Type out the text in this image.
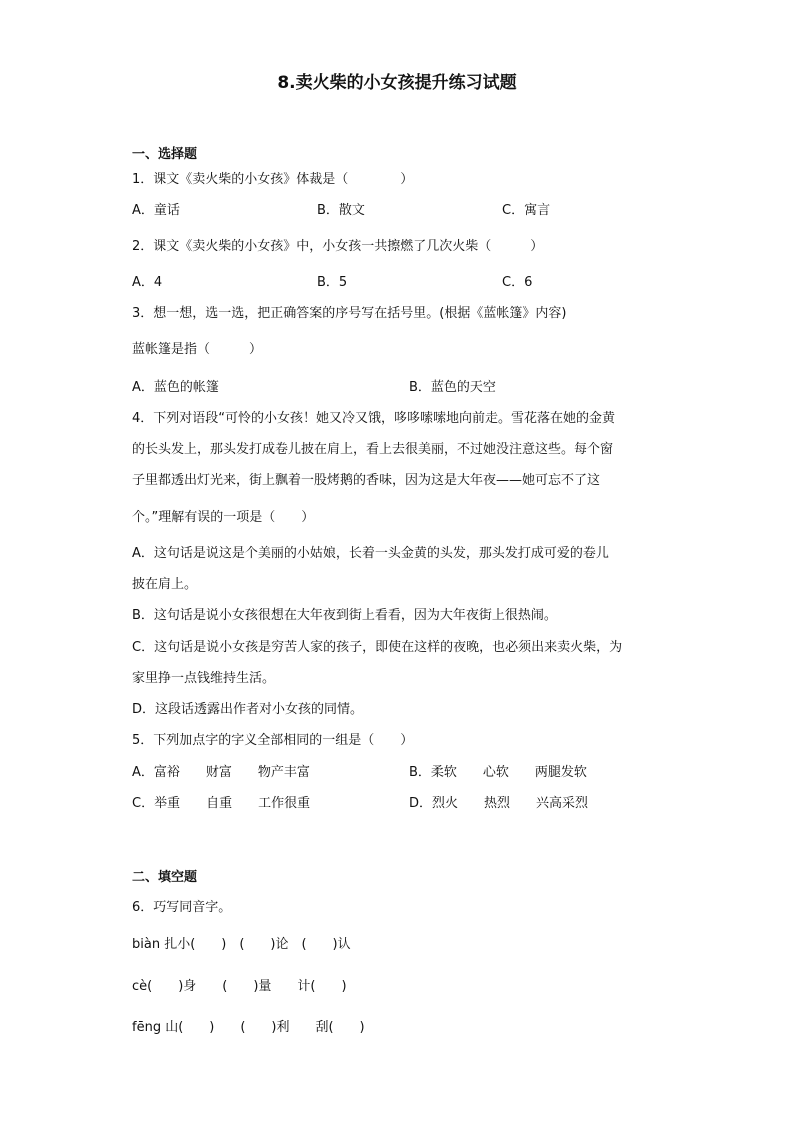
8.卖火柴的小女孩提升练习试题
一、选择题
1．课文《卖火柴的小女孩》体裁是（　　　　）
A．童话	B．散文	C．寓言
2．课文《卖火柴的小女孩》中，小女孩一共擦燃了几次火柴（　　　）
A．4	B．5	C．6
3．想一想，选一选，把正确答案的序号写在括号里。(根据《蓝帐篷》内容)
蓝帐篷是指（　　　）
A．蓝色的帐篷	B．蓝色的天空
4．下列对语段“可怜的小女孩！她又冷又饿，哆哆嗦嗦地向前走。雪花落在她的金黄
的长头发上，那头发打成卷儿披在肩上，看上去很美丽，不过她没注意这些。每个窗
子里都透出灯光来，街上飘着一股烤鹅的香味，因为这是大年夜——她可忘不了这
个。”理解有误的一项是（　　）
A．这句话是说这是个美丽的小姑娘，长着一头金黄的头发，那头发打成可爱的卷儿
披在肩上。
B．这句话是说小女孩很想在大年夜到街上看看，因为大年夜街上很热闹。
C．这句话是说小女孩是穷苦人家的孩子，即使在这样的夜晚，也必须出来卖火柴，为
家里挣一点钱维持生活。
D．这段话透露出作者对小女孩的同情。
5．下列加点字的字义全部相同的一组是（　　）
A．富裕　　财富　　物产丰富	B．柔软　　心软　　两腿发软
C．举重　　自重　　工作很重	D．烈火　　热烈　　兴高采烈
二、填空题
6．巧写同音字。
biàn 扎小(　　)　(　　)论　(　　)认
cè(　　)身　　(　　)量　　计(　　)
fēng 山(　　)　　(　　)利　　刮(　　)
